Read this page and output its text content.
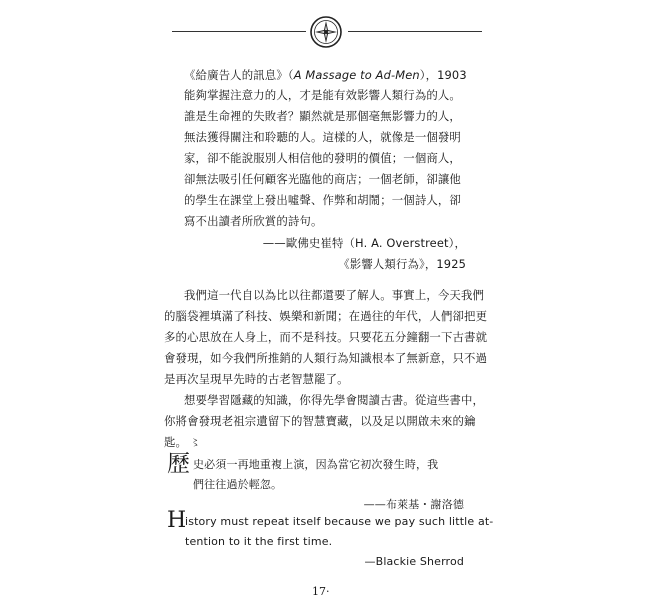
《給廣告人的訊息》（A Massage to Ad-Men），1903
能夠掌握注意力的人，才是能有效影響人類行為的人。
誰是生命裡的失敗者？顯然就是那個毫無影響力的人，
無法獲得關注和聆聽的人。這樣的人，就像是一個發明
家，卻不能說服別人相信他的發明的價值；一個商人，
卻無法吸引任何顧客光臨他的商店；一個老師，卻讓他
的學生在課堂上發出噓聲、作弊和胡鬧；一個詩人，卻
寫不出讀者所欣賞的詩句。
——歐佛史崔特（H. A. Overstreet），
《影響人類行為》，1925
我們這一代自以為比以往都還要了解人。事實上，今天我們
的腦袋裡填滿了科技、娛樂和新聞；在過往的年代，人們卻把更
多的心思放在人身上，而不是科技。只要花五分鐘翻一下古書就
會發現，如今我們所推銷的人類行為知識根本了無新意，只不過
是再次呈現早先時的古老智慧罷了。
想要學習隱藏的知識，你得先學會閱讀古書。從這些書中，
你將會發現老祖宗遺留下的智慧寶藏，以及足以開啟未來的鑰
匙。 〻
歷 史必須一再地重複上演，因為當它初次發生時，我
們往往過於輕忽。
——布萊基・謝洛德
H
istory must repeat itself because we pay such little at-
17·
tention to it the first time.
—Blackie Sherrod
